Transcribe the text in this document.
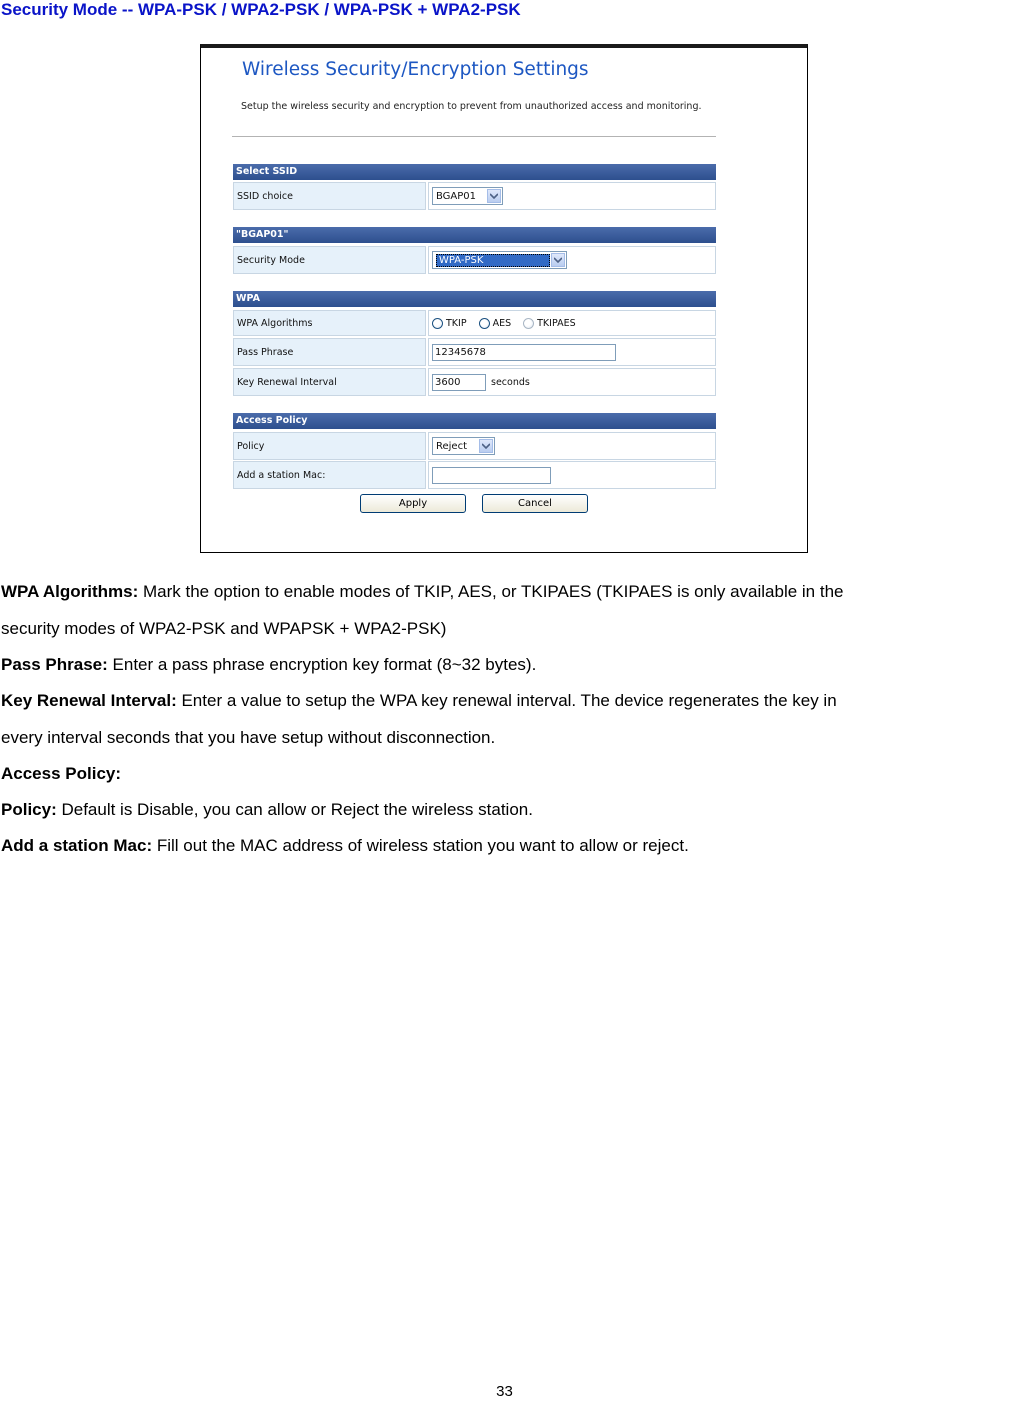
Security Mode -- WPA-PSK / WPA2-PSK / WPA-PSK + WPA2-PSK
Wireless Security/Encryption Settings
Setup the wireless security and encryption to prevent from unauthorized access and monitoring.
Select SSID
SSID choice	BGAP01
"BGAP01"
Security Mode	WPA-PSK
WPA
WPA Algorithms	TKIP	AES	TKIPAES
Pass Phrase	12345678
Key Renewal Interval	3600	seconds
Access Policy
Policy	Reject
Add a station Mac:
Apply	Cancel

WPA Algorithms: Mark the option to enable modes of TKIP, AES, or TKIPAES (TKIPAES is only available in the

security modes of WPA2-PSK and WPAPSK + WPA2-PSK)

Pass Phrase: Enter a pass phrase encryption key format (8~32 bytes).

Key Renewal Interval: Enter a value to setup the WPA key renewal interval. The device regenerates the key in

every interval seconds that you have setup without disconnection.

Access Policy:

Policy: Default is Disable, you can allow or Reject the wireless station.

Add a station Mac: Fill out the MAC address of wireless station you want to allow or reject.

33
